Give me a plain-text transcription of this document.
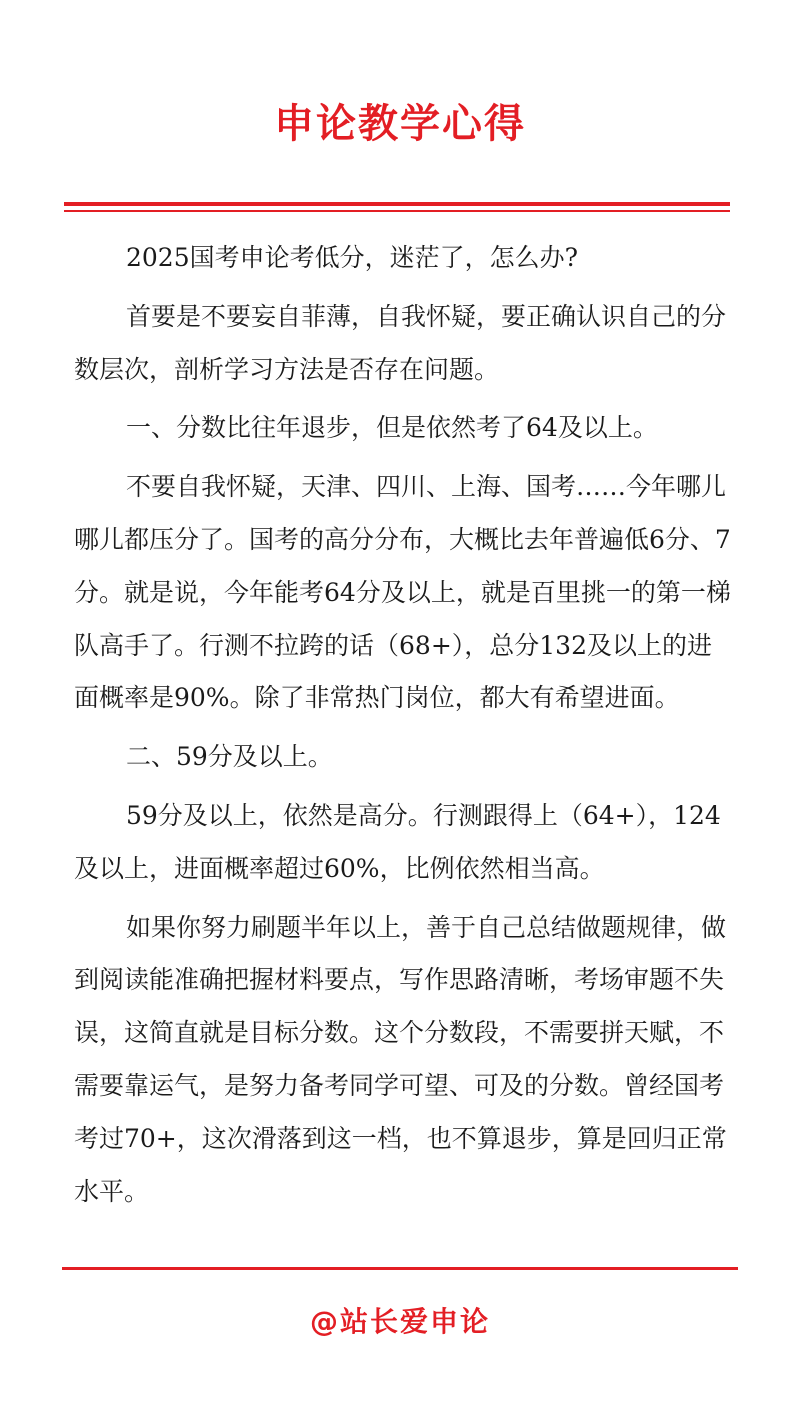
申论教学心得

2025国考申论考低分，迷茫了，怎么办?

首要是不要妄自菲薄，自我怀疑，要正确认识自己的分数层次，剖析学习方法是否存在问题。

一、分数比往年退步，但是依然考了64及以上。

不要自我怀疑，天津、四川、上海、国考……今年哪儿哪儿都压分了。国考的高分分布，大概比去年普遍低6分、7分。就是说，今年能考64分及以上，就是百里挑一的第一梯队高手了。行测不拉跨的话（68+），总分132及以上的进面概率是90%。除了非常热门岗位，都大有希望进面。

二、59分及以上。

59分及以上，依然是高分。行测跟得上（64+），124及以上，进面概率超过60%，比例依然相当高。

如果你努力刷题半年以上，善于自己总结做题规律，做到阅读能准确把握材料要点，写作思路清晰，考场审题不失误，这简直就是目标分数。这个分数段，不需要拼天赋，不需要靠运气，是努力备考同学可望、可及的分数。曾经国考考过70+，这次滑落到这一档，也不算退步，算是回归正常水平。

@站长爱申论
